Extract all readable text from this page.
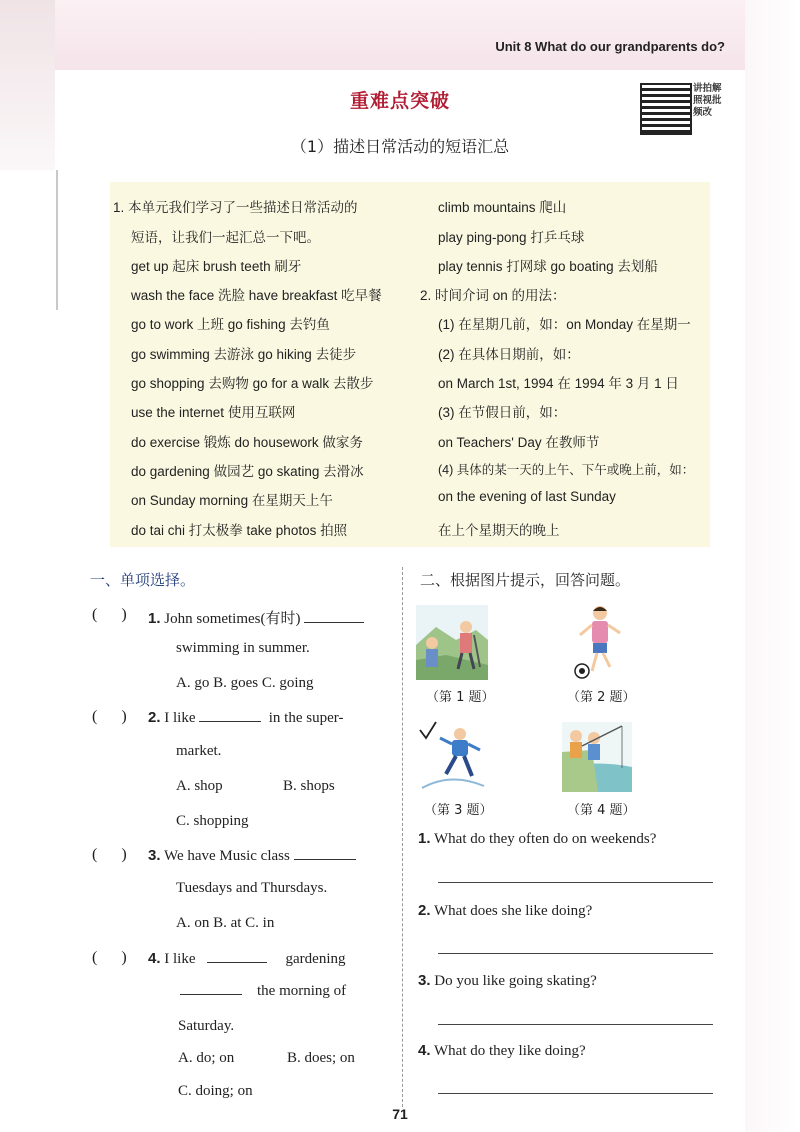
Unit 8 What do our grandparents do?
重难点突破
（1）描述日常活动的短语汇总
讲拍解照视批频改
1. 本单元我们学习了一些描述日常活动的
短语，让我们一起汇总一下吧。
get up 起床 brush teeth 刷牙
wash the face 洗脸 have breakfast 吃早餐
go to work 上班 go fishing 去钓鱼
go swimming 去游泳 go hiking 去徒步
go shopping 去购物 go for a walk 去散步
use the internet 使用互联网
do exercise 锻炼 do housework 做家务
do gardening 做园艺 go skating 去滑冰
on Sunday morning 在星期天上午
do tai chi 打太极拳 take photos 拍照
climb mountains 爬山
play ping-pong 打乒乓球
play tennis 打网球 go boating 去划船
2. 时间介词 on 的用法：
(1) 在星期几前，如：on Monday 在星期一
(2) 在具体日期前，如：
on March 1st, 1994 在 1994 年 3 月 1 日
(3) 在节假日前，如：
on Teachers' Day 在教师节
(4) 具体的某一天的上午、下午或晚上前，如：
on the evening of last Sunday
在上个星期天的晚上
一、单项选择。
(      ) 1. John sometimes(有时)
swimming in summer.
A. go B. goes C. going
(      ) 2. I like	in the super-
market.
A. shop	B. shops
C. shopping
(      ) 3. We have Music class
Tuesdays and Thursdays.
A. on B. at C. in
(      ) 4. I like	gardening
the morning of
Saturday.
A. do; on	B. does; on
C. doing; on
二、根据图片提示，回答问题。
（第 1 题）	（第 2 题）
（第 3 题）	（第 4 题）
1. What do they often do on weekends?
2. What does she like doing?
3. Do you like going skating?
4. What do they like doing?
71
